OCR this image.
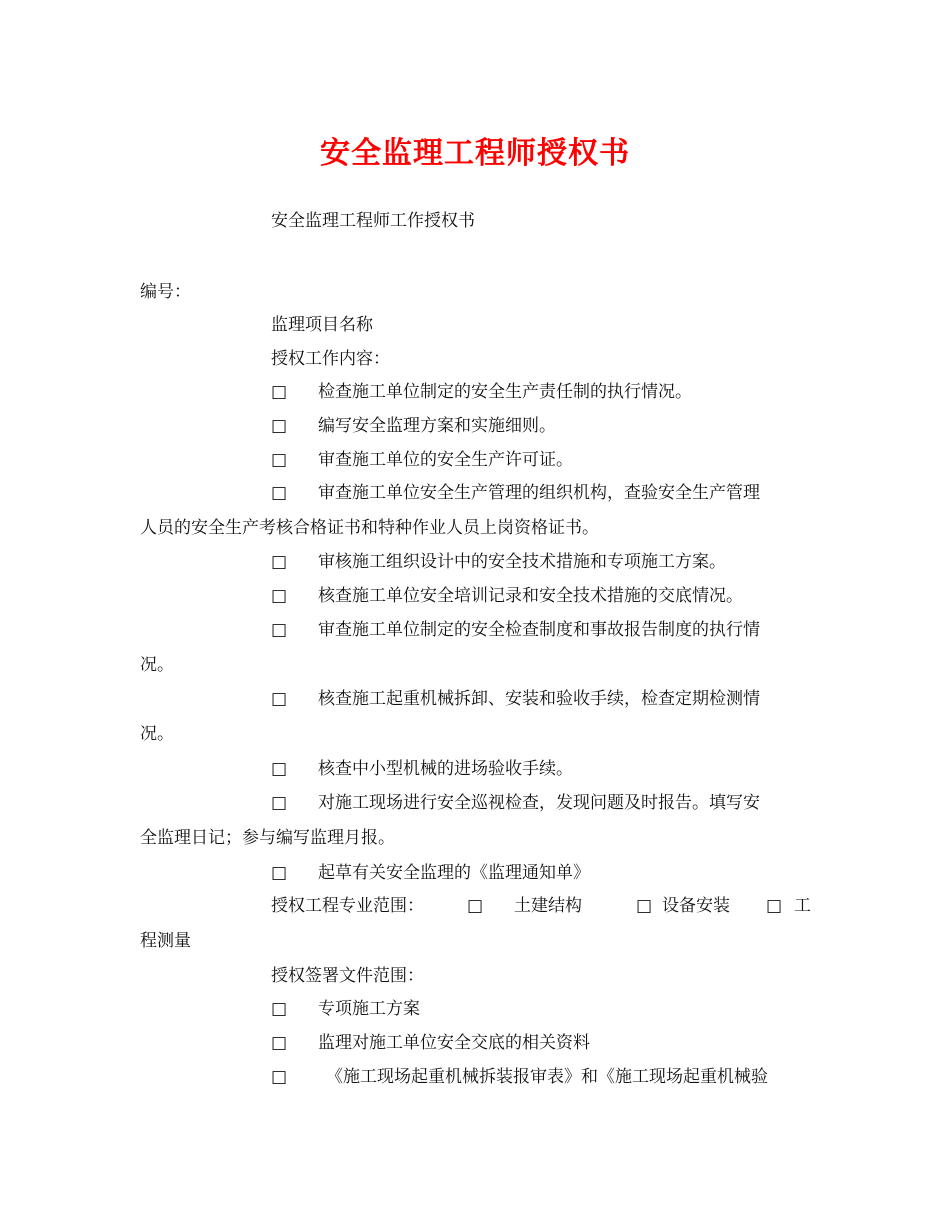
安全监理工程师授权书
安全监理工程师工作授权书
编号：
监理项目名称
授权工作内容：
□ 检查施工单位制定的安全生产责任制的执行情况。
□ 编写安全监理方案和实施细则。
□ 审查施工单位的安全生产许可证。
□ 审查施工单位安全生产管理的组织机构，查验安全生产管理
人员的安全生产考核合格证书和特种作业人员上岗资格证书。
□ 审核施工组织设计中的安全技术措施和专项施工方案。
□ 核查施工单位安全培训记录和安全技术措施的交底情况。
□ 审查施工单位制定的安全检查制度和事故报告制度的执行情
况。
□ 核查施工起重机械拆卸、安装和验收手续，检查定期检测情
况。
□ 核查中小型机械的进场验收手续。
□ 对施工现场进行安全巡视检查，发现问题及时报告。填写安
全监理日记；参与编写监理月报。
□ 起草有关安全监理的《监理通知单》
授权工程专业范围：	□ 土建结构	□ 设备安装 □ 工
程测量
授权签署文件范围：
□ 专项施工方案
□ 监理对施工单位安全交底的相关资料
□ 《施工现场起重机械拆装报审表》和《施工现场起重机械验
